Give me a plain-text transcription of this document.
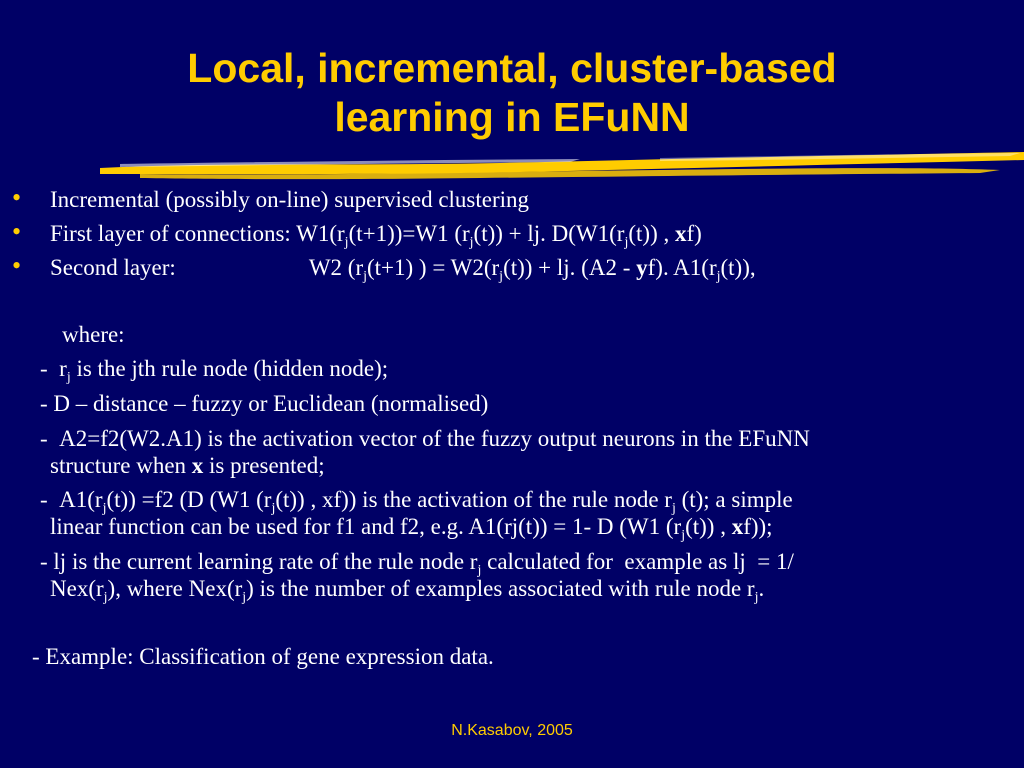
Local, incremental, cluster-based
learning in EFuNN
• Incremental (possibly on-line) supervised clustering
• First layer of connections: $W1(r_j(t+1))=W1$ $(r_j(t))$ + lj. $D(W1(r_j(t))$ , xf)
• Second layer:	W2 ($r_j(t+1)$ ) = $W2(r_j(t))$ + lj. (A2 - yf). $A1(r_j(t))$,
where:
-  $r_j$ is the jth rule node (hidden node);
- D – distance – fuzzy or Euclidean (normalised)
-  A2=f2(W2.A1) is the activation vector of the fuzzy output neurons in the EFuNN
structure when x is presented;
-  $A1(r_j(t)) =f2$ (D (W1 $(r_j(t))$ , xf)) is the activation of the rule node $r_j$ (t); a simple
linear function can be used for f1 and f2, e.g. A1(rj(t)) = 1- D (W1 $(r_j(t))$ , xf));
- lj is the current learning rate of the rule node $r_j$ calculated for  example as lj  = 1/
$Nex(r_j)$, where $Nex(r_j)$ is the number of examples associated with rule node $r_j$.
- Example: Classification of gene expression data.
N.Kasabov, 2005
